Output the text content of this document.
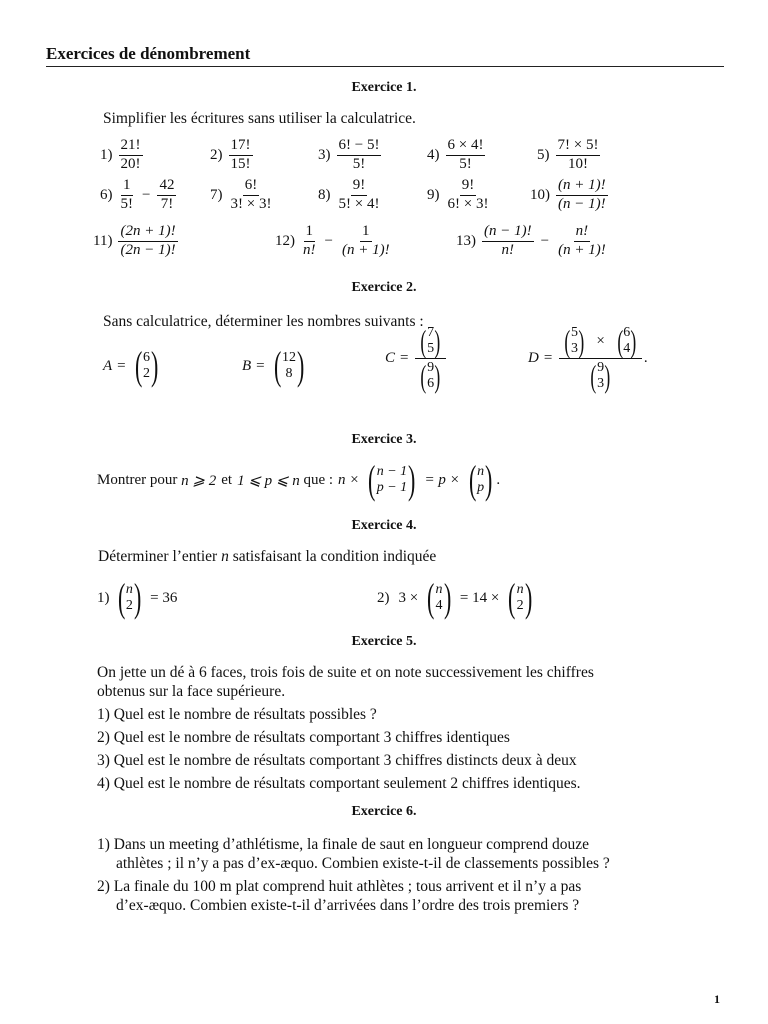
Exercices de dénombrement
Exercice 1.
Simplifier les écritures sans utiliser la calculatrice.
$1) \frac{21!}{20!}$	$2) \frac{17!}{15!}$	$3) \frac{6! - 5!}{5!}$	$4) \frac{6 \times 4!}{5!}$	$5) \frac{7! \times 5!}{10!}$
$6) \frac{1}{5!} - \frac{42}{7!} 7) \frac{6!}{3! \times 3!}$	$8) \frac{9!}{5! \times 4!}$	$9) \frac{9!}{6! \times 3!}$	$10) \frac{(n + 1)!}{(n - 1)!}$
$11) \frac{(2n + 1)!}{(2n - 1)!}$	$12) \frac{1}{n!} - \frac{1}{(n + 1)!}$	$13) \frac{(n - 1)!}{n!} - \frac{n!}{(n + 1)!}$
Exercice 2.
Sans calculatrice, déterminer les nombres suivants :
A = ( 6
2 )	B = ( 12
8 )	C = ( 7
5 )
( 9
6 )	D = ( 5
3 ) × ( 6
4 )
( 9
3 ) .
Exercice 3.
Montrer pour
n ⩾ 2 et 1 ⩽ p ⩽ n
que : n × ( n − 1
p − 1 ) = p × ( n
p ) .
Exercice 4.
Déterminer l’entier n satisfaisant la condition indiquée
1) ( n
2 ) = 36	2) 3 × ( n
4 ) = 14 × ( n
2 )
Exercice 5.
On jette un dé à 6 faces, trois fois de suite et on note successivement les chiffres
obtenus sur la face supérieure.
1) Quel est le nombre de résultats possibles ?
2) Quel est le nombre de résultats comportant 3 chiffres identiques
3) Quel est le nombre de résultats comportant 3 chiffres distincts deux à deux
4) Quel est le nombre de résultats comportant seulement 2 chiffres identiques.
Exercice 6.
1) Dans un meeting d’athlétisme, la finale de saut en longueur comprend douze
athlètes ; il n’y a pas d’ex-æquo. Combien existe-t-il de classements possibles ?
2) La finale du 100 m plat comprend huit athlètes ; tous arrivent et il n’y a pas
d’ex-æquo. Combien existe-t-il d’arrivées dans l’ordre des trois premiers ?
1
